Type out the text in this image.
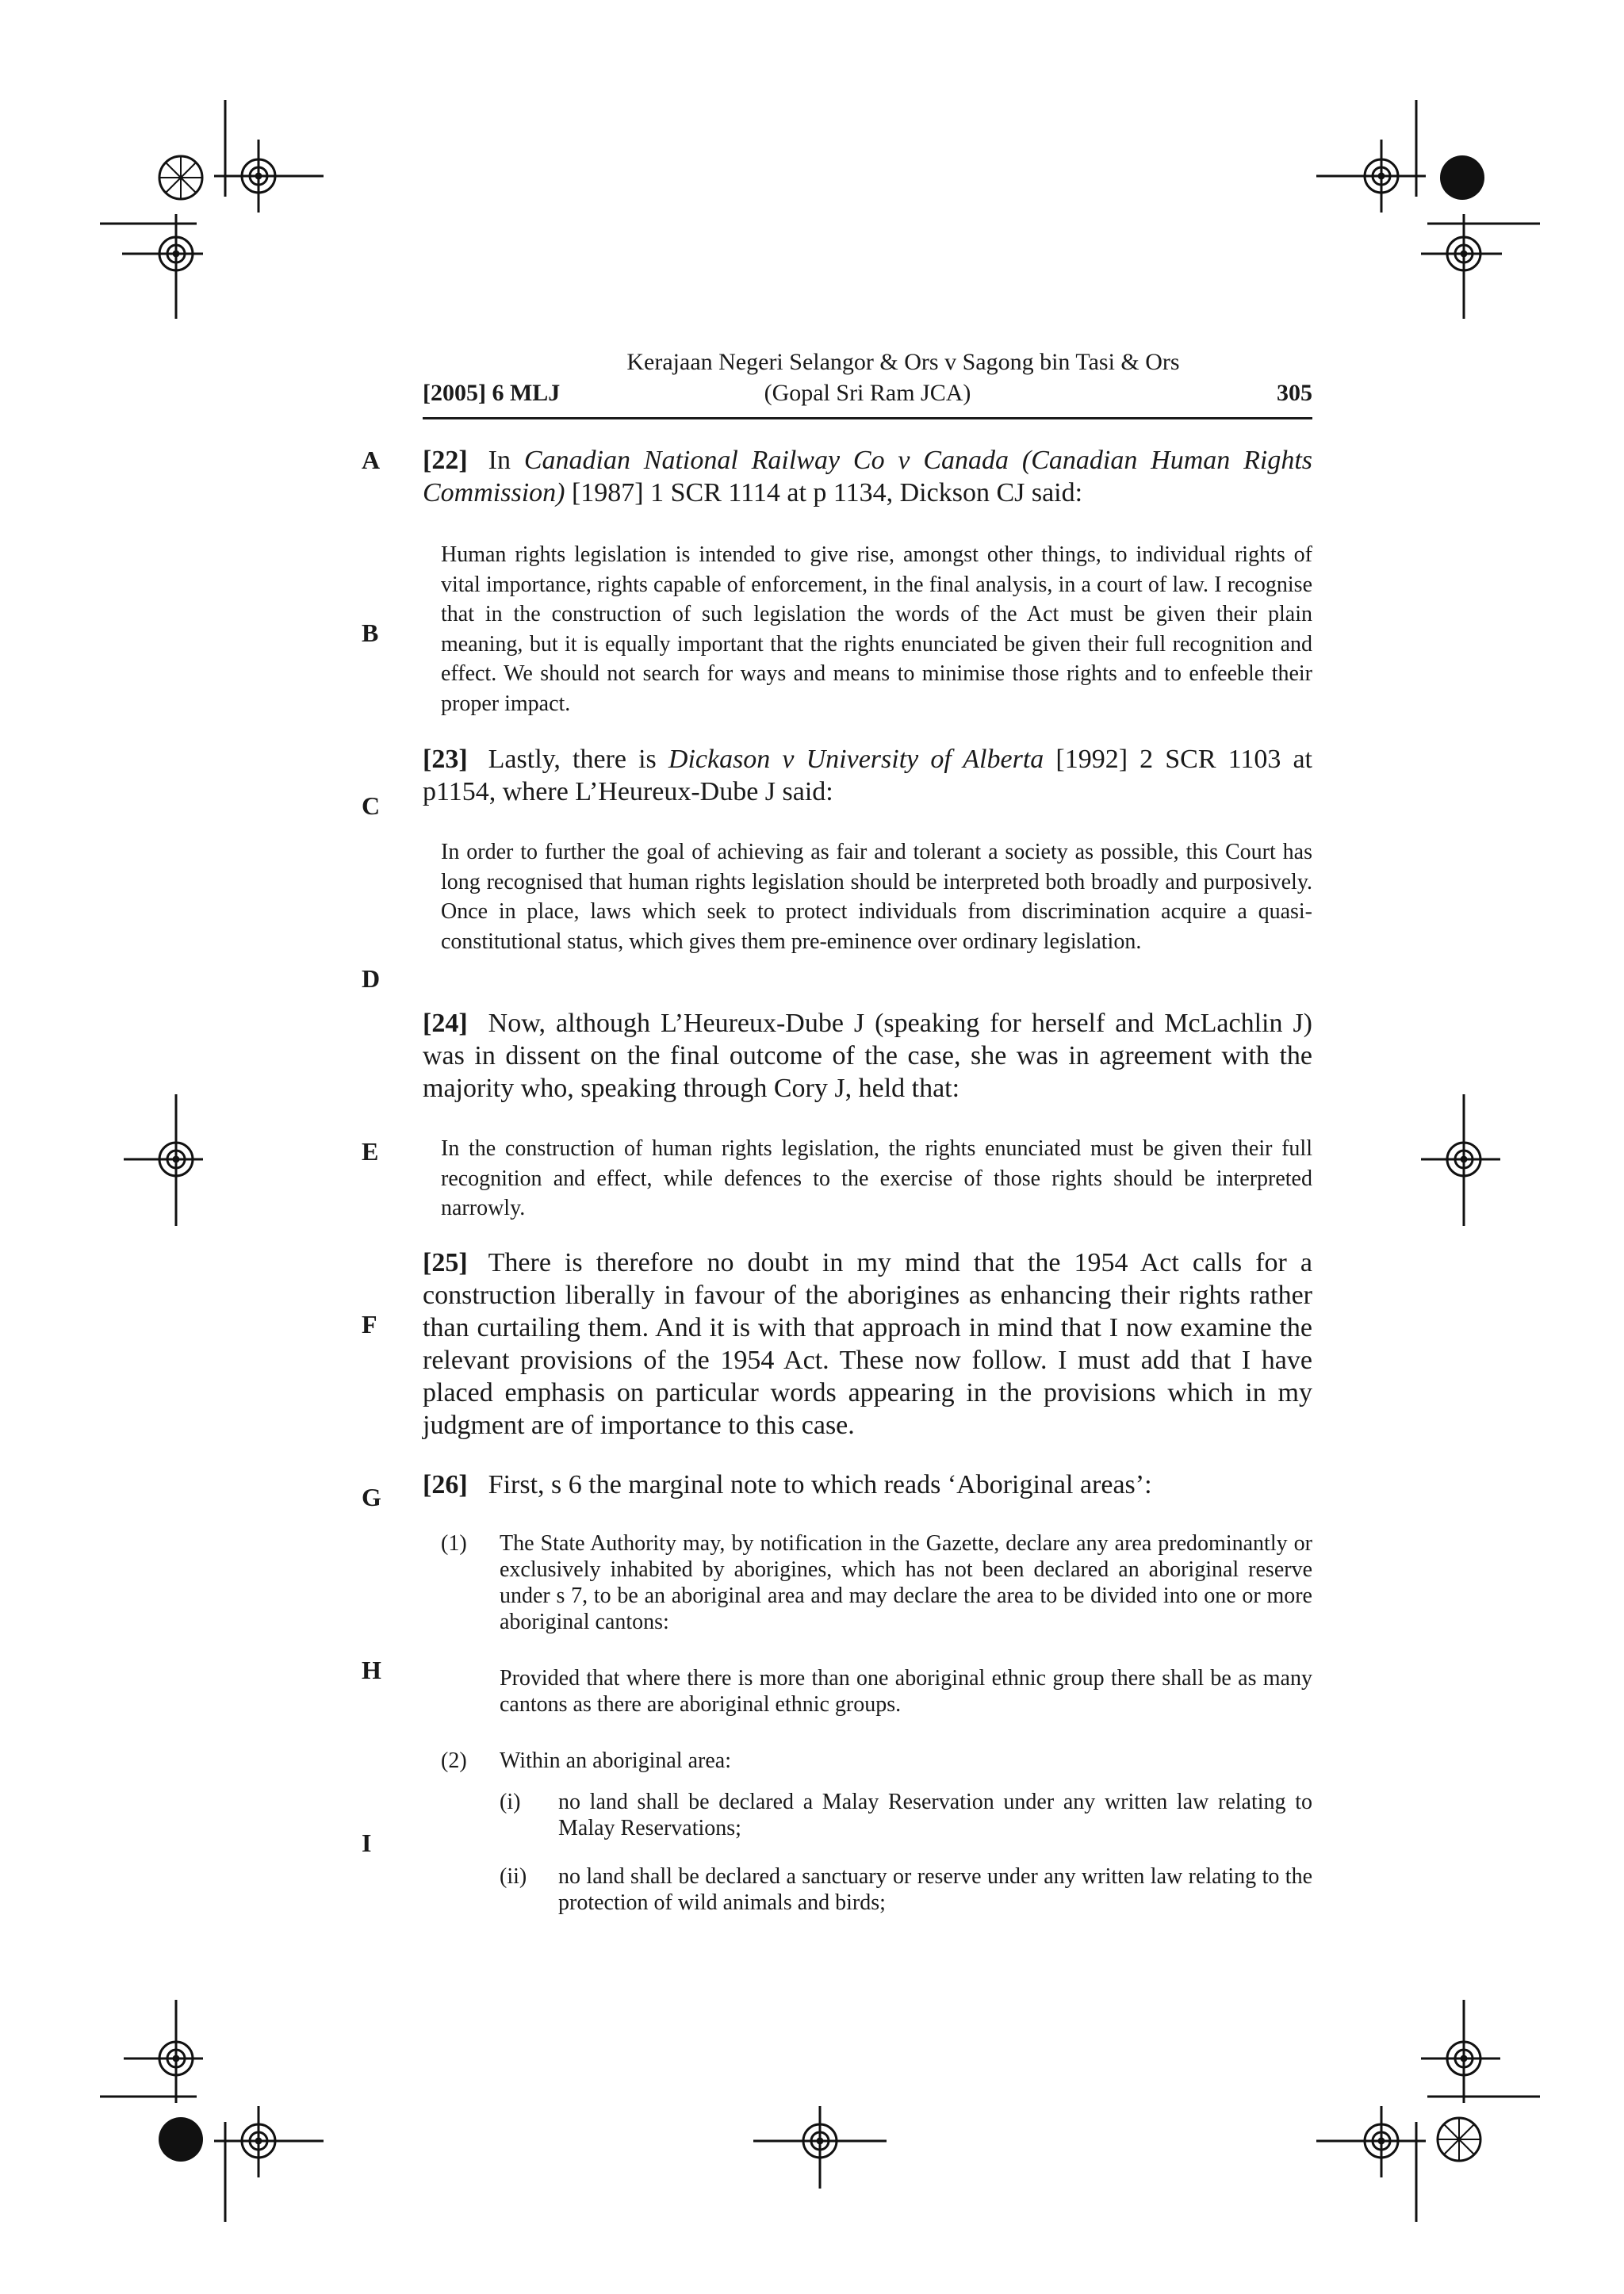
Kerajaan Negeri Selangor & Ors v Sagong bin Tasi & Ors
[2005] 6 MLJ	(Gopal Sri Ram JCA)	305
A
B
C
D
E
F
G
H
I
[22] In Canadian National Railway Co v Canada (Canadian Human Rights Commission) [1987] 1 SCR 1114 at p 1134, Dickson CJ said:
Human rights legislation is intended to give rise, amongst other things, to individual rights of vital importance, rights capable of enforcement, in the final analysis, in a court of law. I recognise that in the construction of such legislation the words of the Act must be given their plain meaning, but it is equally important that the rights enunciated be given their full recognition and effect. We should not search for ways and means to minimise those rights and to enfeeble their proper impact.
[23] Lastly, there is Dickason v University of Alberta [1992] 2 SCR 1103 at p1154, where L’Heureux-Dube J said:
In order to further the goal of achieving as fair and tolerant a society as possible, this Court has long recognised that human rights legislation should be interpreted both broadly and purposively. Once in place, laws which seek to protect individuals from discrimination acquire a quasi-constitutional status, which gives them pre-eminence over ordinary legislation.
[24] Now, although L’Heureux-Dube J (speaking for herself and McLachlin J) was in dissent on the final outcome of the case, she was in agreement with the majority who, speaking through Cory J, held that:
In the construction of human rights legislation, the rights enunciated must be given their full recognition and effect, while defences to the exercise of those rights should be interpreted narrowly.
[25] There is therefore no doubt in my mind that the 1954 Act calls for a construction liberally in favour of the aborigines as enhancing their rights rather than curtailing them. And it is with that approach in mind that I now examine the relevant provisions of the 1954 Act. These now follow. I must add that I have placed emphasis on particular words appearing in the provisions which in my judgment are of importance to this case.
[26] First, s 6 the marginal note to which reads ‘Aboriginal areas’:
(1) The State Authority may, by notification in the Gazette, declare any area predominantly or exclusively inhabited by aborigines, which has not been declared an aboriginal reserve under s 7, to be an aboriginal area and may declare the area to be divided into one or more aboriginal cantons:
Provided that where there is more than one aboriginal ethnic group there shall be as many cantons as there are aboriginal ethnic groups.
(2) Within an aboriginal area:
(i) no land shall be declared a Malay Reservation under any written law relating to Malay Reservations;
(ii) no land shall be declared a sanctuary or reserve under any written law relating to the protection of wild animals and birds;
